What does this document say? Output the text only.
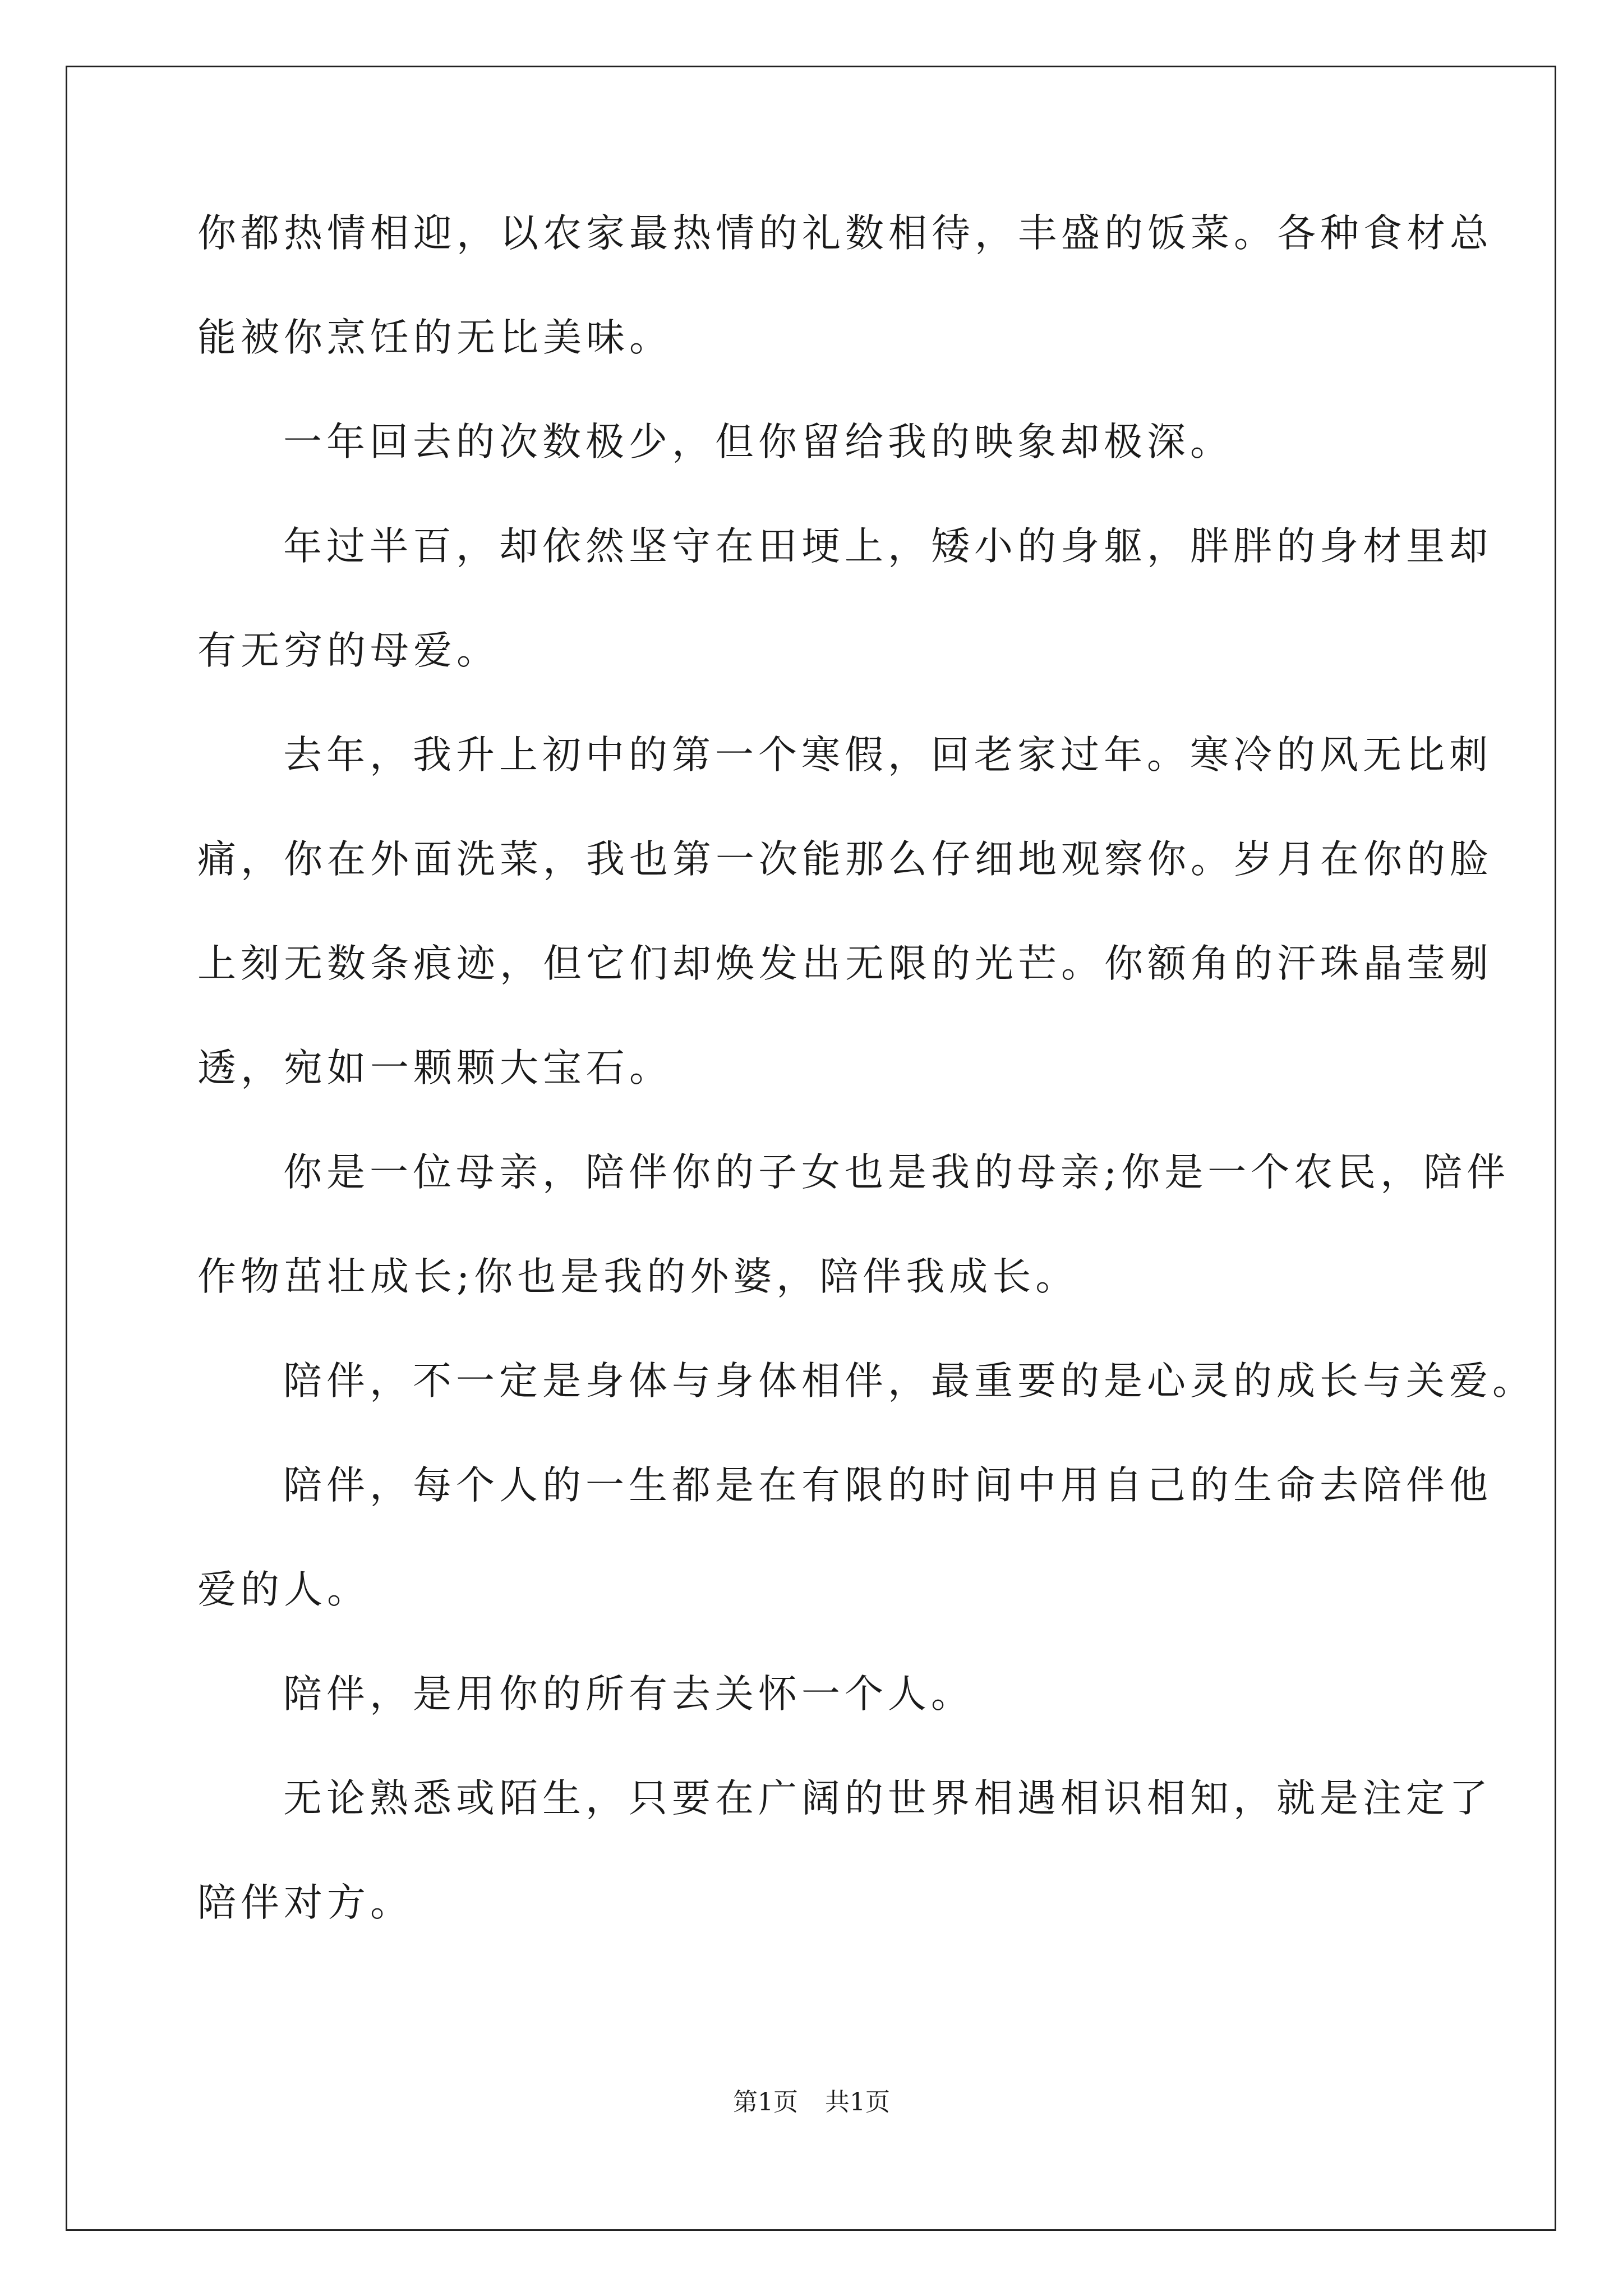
你都热情相迎，以农家最热情的礼数相待，丰盛的饭菜。各种食材总
能被你烹饪的无比美味。
一年回去的次数极少，但你留给我的映象却极深。
年过半百，却依然坚守在田埂上，矮小的身躯，胖胖的身材里却
有无穷的母爱。
去年，我升上初中的第一个寒假，回老家过年。寒冷的风无比刺
痛，你在外面洗菜，我也第一次能那么仔细地观察你。岁月在你的脸
上刻无数条痕迹，但它们却焕发出无限的光芒。你额角的汗珠晶莹剔
透，宛如一颗颗大宝石。
你是一位母亲，陪伴你的子女也是我的母亲;你是一个农民，陪伴
作物茁壮成长;你也是我的外婆，陪伴我成长。
陪伴，不一定是身体与身体相伴，最重要的是心灵的成长与关爱。
陪伴，每个人的一生都是在有限的时间中用自己的生命去陪伴他
爱的人。
陪伴，是用你的所有去关怀一个人。
无论熟悉或陌生，只要在广阔的世界相遇相识相知，就是注定了
陪伴对方。
第1页 共1页
